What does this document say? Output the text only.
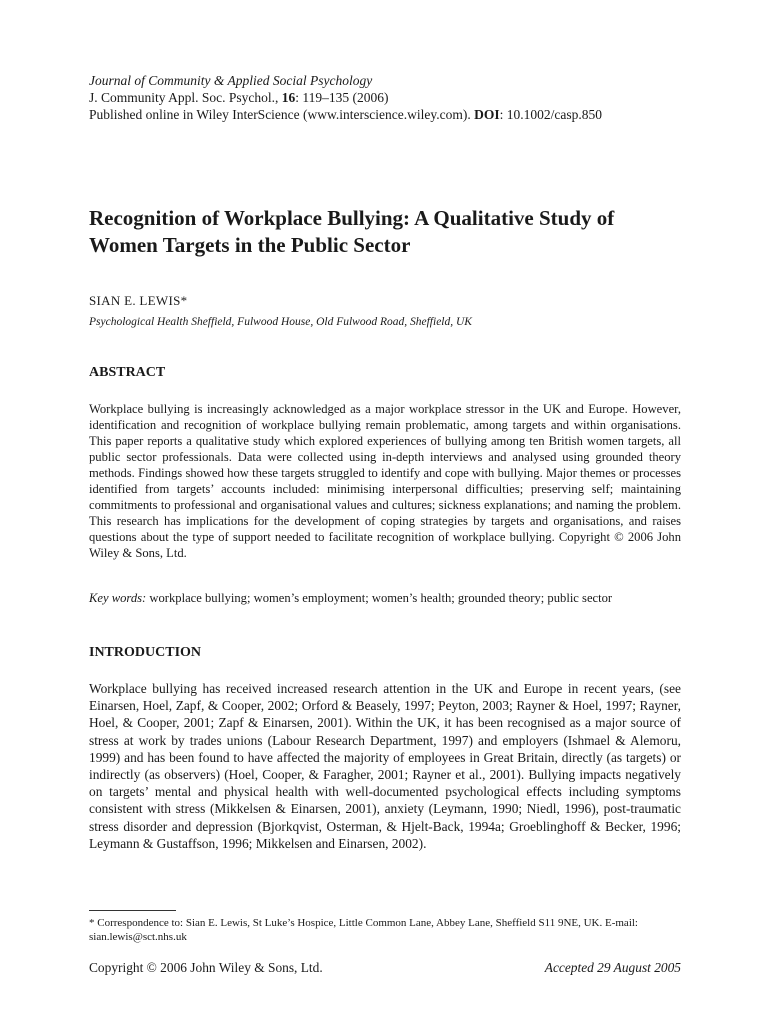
Journal of Community & Applied Social Psychology
J. Community Appl. Soc. Psychol., 16: 119–135 (2006)
Published online in Wiley InterScience (www.interscience.wiley.com). DOI: 10.1002/casp.850
Recognition of Workplace Bullying: A Qualitative Study of Women Targets in the Public Sector
SIAN E. LEWIS*
Psychological Health Sheffield, Fulwood House, Old Fulwood Road, Sheffield, UK
ABSTRACT

Workplace bullying is increasingly acknowledged as a major workplace stressor in the UK and Europe. However, identification and recognition of workplace bullying remain problematic, among targets and within organisations. This paper reports a qualitative study which explored experiences of bullying among ten British women targets, all public sector professionals. Data were collected using in-depth interviews and analysed using grounded theory methods. Findings showed how these targets struggled to identify and cope with bullying. Major themes or processes identified from targets’ accounts included: minimising interpersonal difficulties; preserving self; maintaining commitments to professional and organisational values and cultures; sickness explanations; and naming the problem. This research has implications for the development of coping strategies by targets and organisations, and raises questions about the type of support needed to facilitate recognition of workplace bullying. Copyright © 2006 John Wiley & Sons, Ltd.

Key words: workplace bullying; women’s employment; women’s health; grounded theory; public sector
INTRODUCTION

Workplace bullying has received increased research attention in the UK and Europe in recent years, (see Einarsen, Hoel, Zapf, & Cooper, 2002; Orford & Beasely, 1997; Peyton, 2003; Rayner & Hoel, 1997; Rayner, Hoel, & Cooper, 2001; Zapf & Einarsen, 2001). Within the UK, it has been recognised as a major source of stress at work by trades unions (Labour Research Department, 1997) and employers (Ishmael & Alemoru, 1999) and has been found to have affected the majority of employees in Great Britain, directly (as targets) or indirectly (as observers) (Hoel, Cooper, & Faragher, 2001; Rayner et al., 2001). Bullying impacts negatively on targets’ mental and physical health with well-documented psychological effects including symptoms consistent with stress (Mikkelsen & Einarsen, 2001), anxiety (Leymann, 1990; Niedl, 1996), post-traumatic stress disorder and depression (Bjorkqvist, Osterman, & Hjelt-Back, 1994a; Groeblinghoff & Becker, 1996; Leymann & Gustaffson, 1996; Mikkelsen and Einarsen, 2002).

* Correspondence to: Sian E. Lewis, St Luke’s Hospice, Little Common Lane, Abbey Lane, Sheffield S11 9NE, UK. E-mail: sian.lewis@sct.nhs.uk
Copyright © 2006 John Wiley & Sons, Ltd.	Accepted 29 August 2005
